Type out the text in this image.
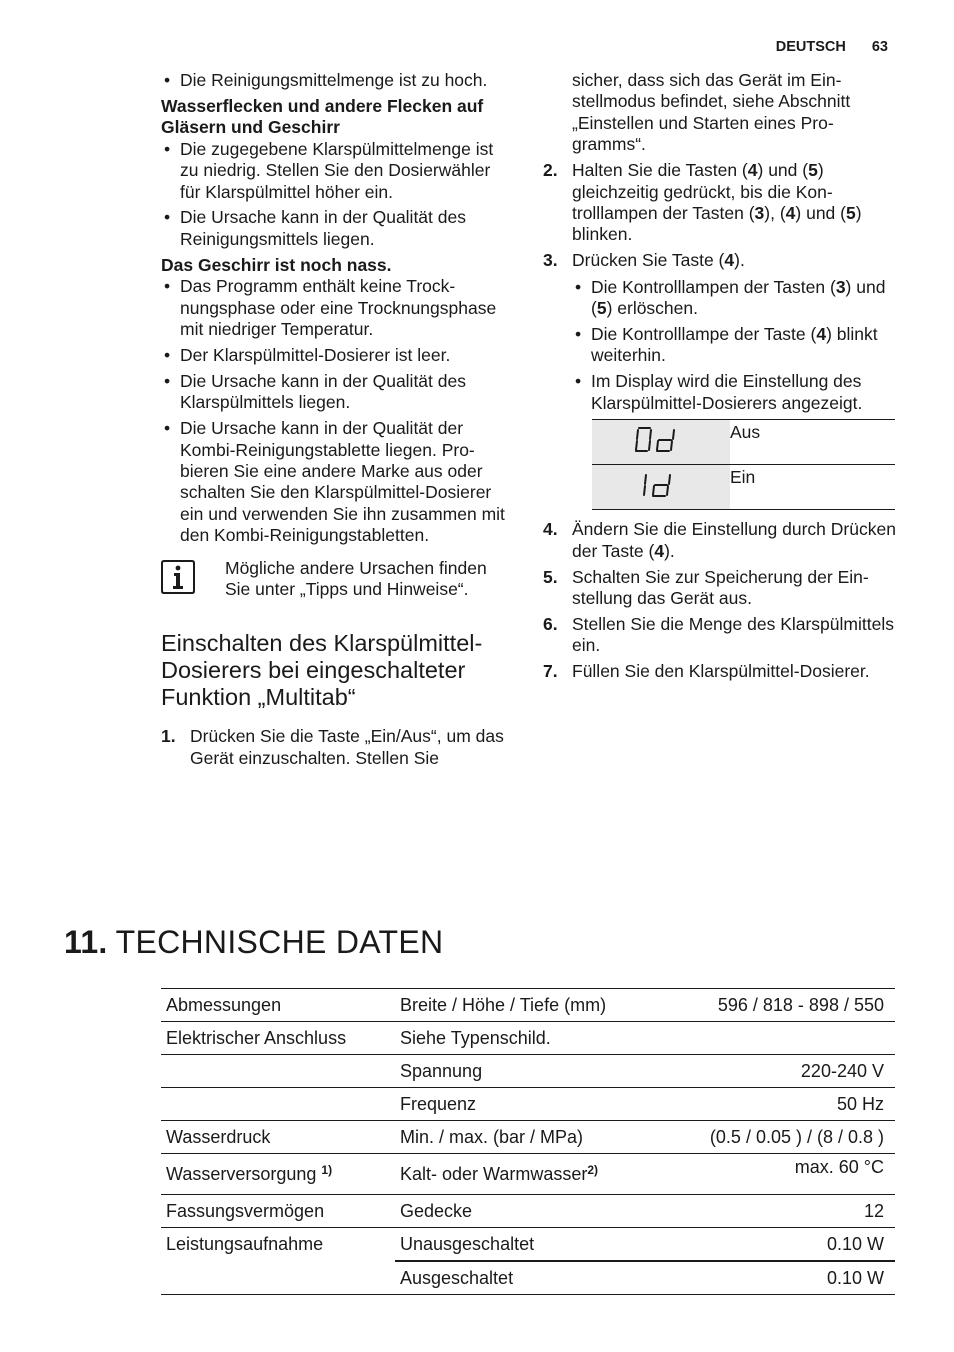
DEUTSCH 63
• Die Reinigungsmittelmenge ist zu hoch.

Wasserflecken und andere Flecken auf Gläsern und Geschirr

• Die zugegebene Klarspülmittelmenge ist zu niedrig. Stellen Sie den Dosierwähler für Klarspülmittel höher ein.
• Die Ursache kann in der Qualität des Reinigungsmittels liegen.

Das Geschirr ist noch nass.

• Das Programm enthält keine Trocknungsphase oder eine Trocknungsphase mit niedriger Temperatur.
• Der Klarspülmittel-Dosierer ist leer.
• Die Ursache kann in der Qualität des Klarspülmittels liegen.
• Die Ursache kann in der Qualität der Kombi-Reinigungstablette liegen. Probieren Sie eine andere Marke aus oder schalten Sie den Klarspülmittel-Dosierer ein und verwenden Sie ihn zusammen mit den Kombi-Reinigungstabletten.

Mögliche andere Ursachen finden Sie unter „Tipps und Hinweise“.

Einschalten des Klarspülmittel-Dosierers bei eingeschalteter Funktion „Multitab“
1. Drücken Sie die Taste „Ein/Aus“, um das Gerät einzuschalten. Stellen Sie

sicher, dass sich das Gerät im Einstellmodus befindet, siehe Abschnitt „Einstellen und Starten eines Programms“.

2. Halten Sie die Tasten (4) und (5) gleichzeitig gedrückt, bis die Kontrolllampen der Tasten (3), (4) und (5) blinken.
3. Drücken Sie Taste (4).
• Die Kontrolllampen der Tasten (3) und (5) erlöschen.
• Die Kontrolllampe der Taste (4) blinkt weiterhin.
• Im Display wird die Einstellung des Klarspülmittel-Dosierers angezeigt.
	Aus
	Ein
4. Ändern Sie die Einstellung durch Drücken der Taste (4).
5. Schalten Sie zur Speicherung der Einstellung das Gerät aus.
6. Stellen Sie die Menge des Klarspülmittels ein.
7. Füllen Sie den Klarspülmittel-Dosierer.
11. TECHNISCHE DATEN
Abmessungen	Breite / Höhe / Tiefe (mm)	596 / 818 - 898 / 550
Elektrischer Anschluss	Siehe Typenschild.	
	Spannung	220-240 V
	Frequenz	50 Hz
Wasserdruck	Min. / max. (bar / MPa)	(0.5 / 0.05 ) / (8 / 0.8 )
Wasserversorgung $^{1)}$	Kalt- oder Warmwasser$^{2)}$	max. 60 °C
Fassungsvermögen	Gedecke	12
Leistungsaufnahme	Unausgeschaltet	0.10 W
	Ausgeschaltet	0.10 W
